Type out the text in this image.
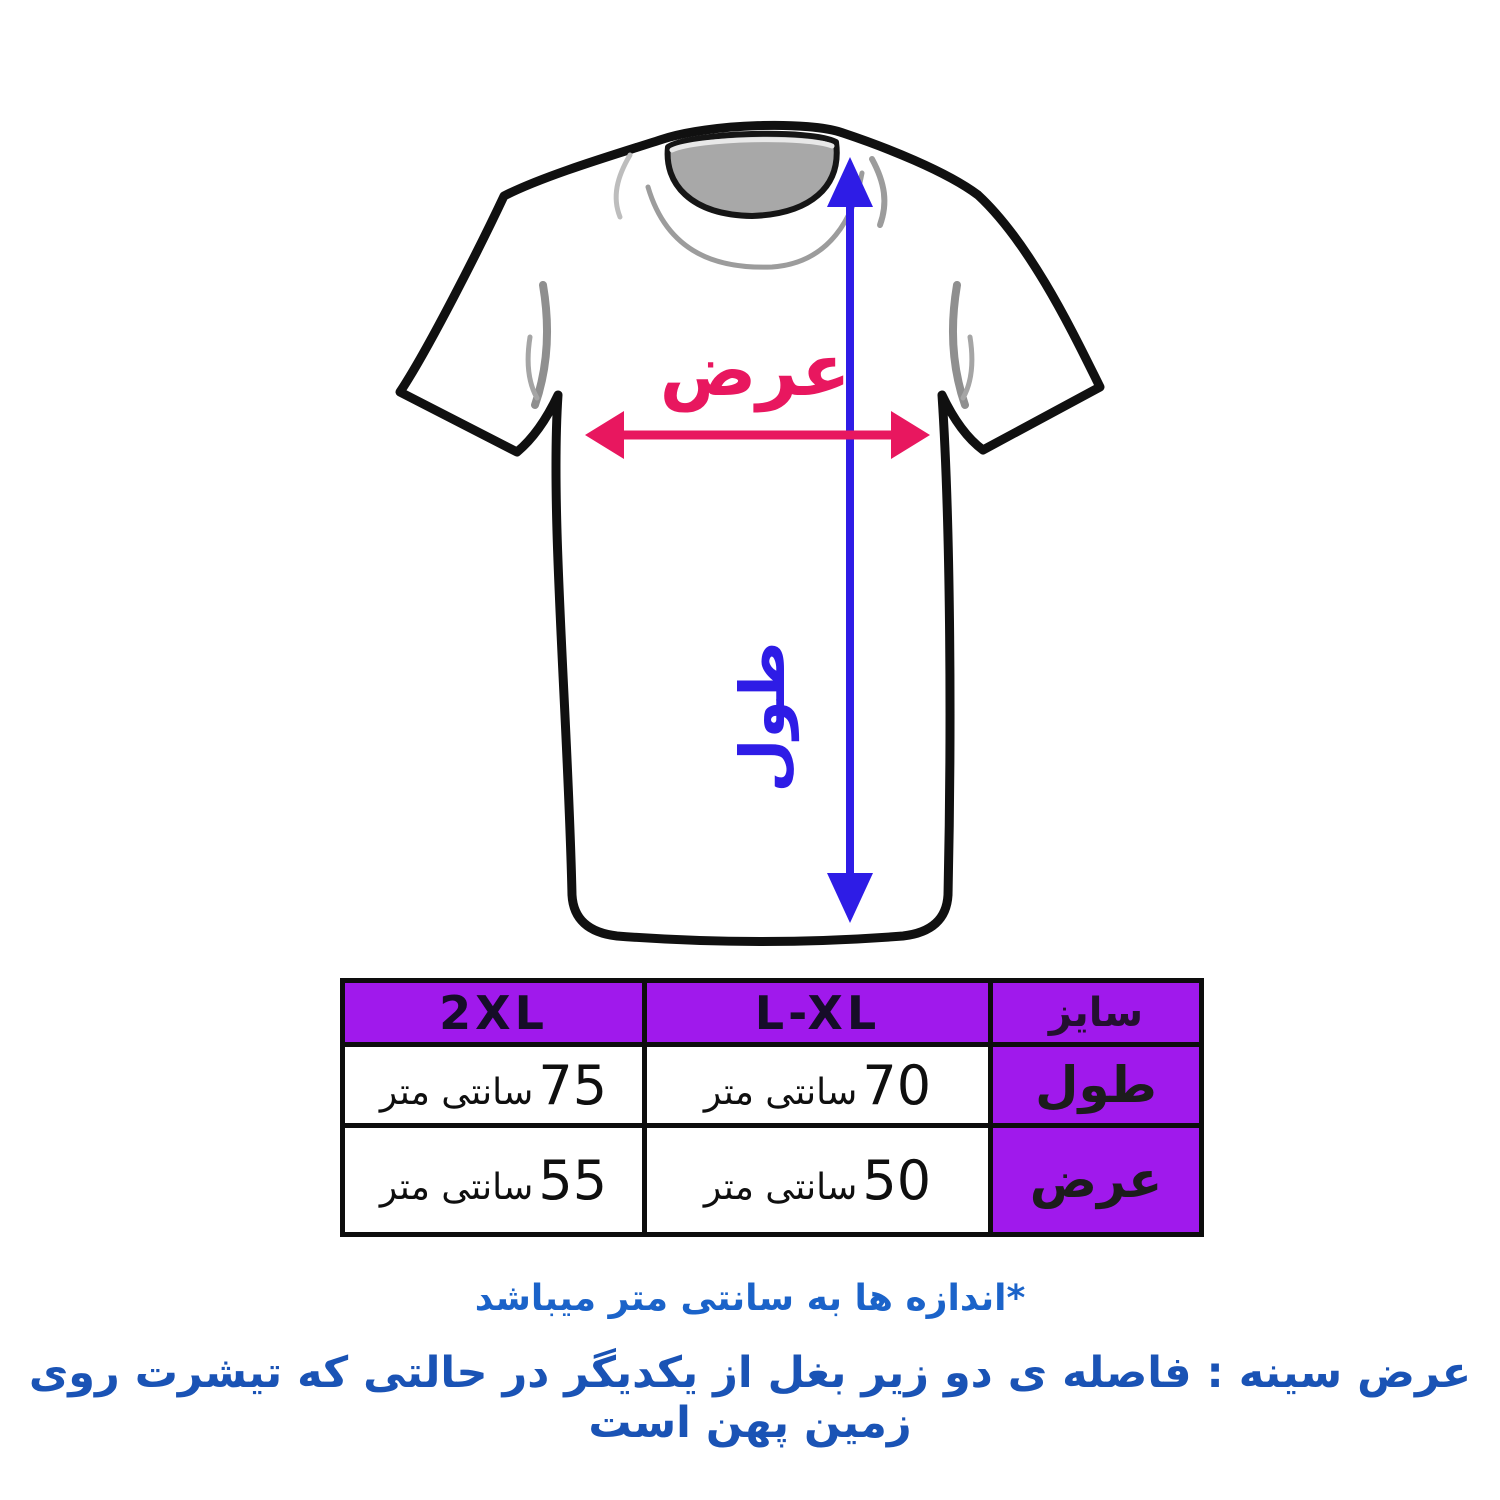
عرض
طول
سایز	L-XL	2XL
طول	70 سانتی متر	75 سانتی متر
عرض	50 سانتی متر	55 سانتی متر
*اندازه ها به سانتی متر میباشد
عرض سینه : فاصله ی دو زیر بغل از یکدیگر در حالتی که تیشرت روی زمین پهن است
